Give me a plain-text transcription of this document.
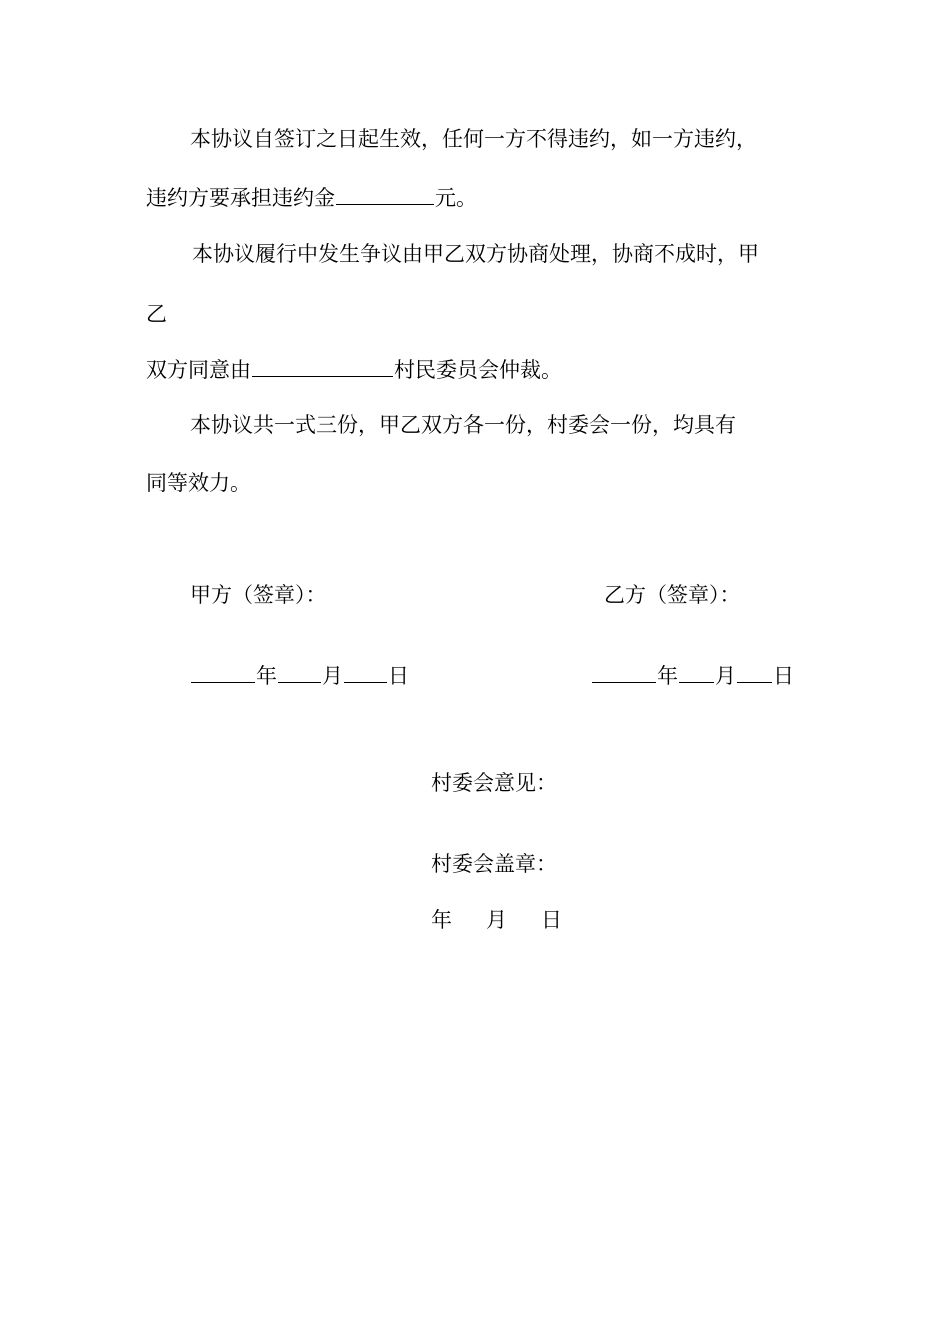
本协议自签订之日起生效，任何一方不得违约，如一方违约，

违约方要承担违约金	元。

本协议履行中发生争议由甲乙双方协商处理，协商不成时，甲

乙

双方同意由	村民委员会仲裁。

本协议共一式三份，甲乙双方各一份，村委会一份，均具有

同等效力。

甲方（签章）：	乙方（签章）：

年 月 日	年 月 日

村委会意见：

村委会盖章：

年 月 日
